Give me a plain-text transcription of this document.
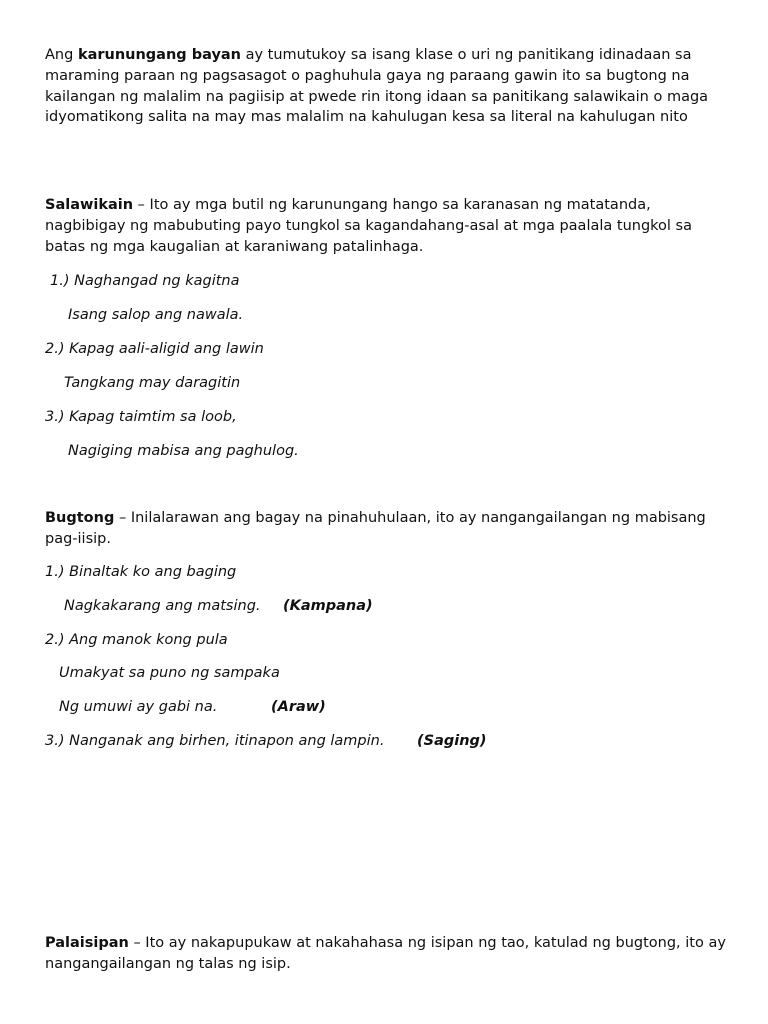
Ang karunungang bayan ay tumutukoy sa isang klase o uri ng panitikang idinadaan sa maraming paraan ng pagsasagot o paghuhula gaya ng paraang gawin ito sa bugtong na kailangan ng malalim na pagiisip at pwede rin itong idaan sa panitikang salawikain o maga idyomatikong salita na may mas malalim na kahulugan kesa sa literal na kahulugan nito

Salawikain – Ito ay mga butil ng karunungang hango sa karanasan ng matatanda, nagbibigay ng mabubuting payo tungkol sa kagandahang-asal at mga paalala tungkol sa batas ng mga kaugalian at karaniwang patalinhaga.

1.) Naghangad ng kagitna
Isang salop ang nawala.
2.) Kapag aali-aligid ang lawin
Tangkang may daragitin
3.) Kapag taimtim sa loob,
Nagiging mabisa ang paghulog.

Bugtong – Inilalarawan ang bagay na pinahuhulaan, ito ay nangangailangan ng mabisang pag-iisip.

1.) Binaltak ko ang baging
Nagkakarang ang matsing. (Kampana)
2.) Ang manok kong pula
Umakyat sa puno ng sampaka
Ng umuwi ay gabi na.	(Araw)
3.) Nanganak ang birhen, itinapon ang lampin. (Saging)

Palaisipan – Ito ay nakapupukaw at nakahahasa ng isipan ng tao, katulad ng bugtong, ito ay nangangailangan ng talas ng isip.
